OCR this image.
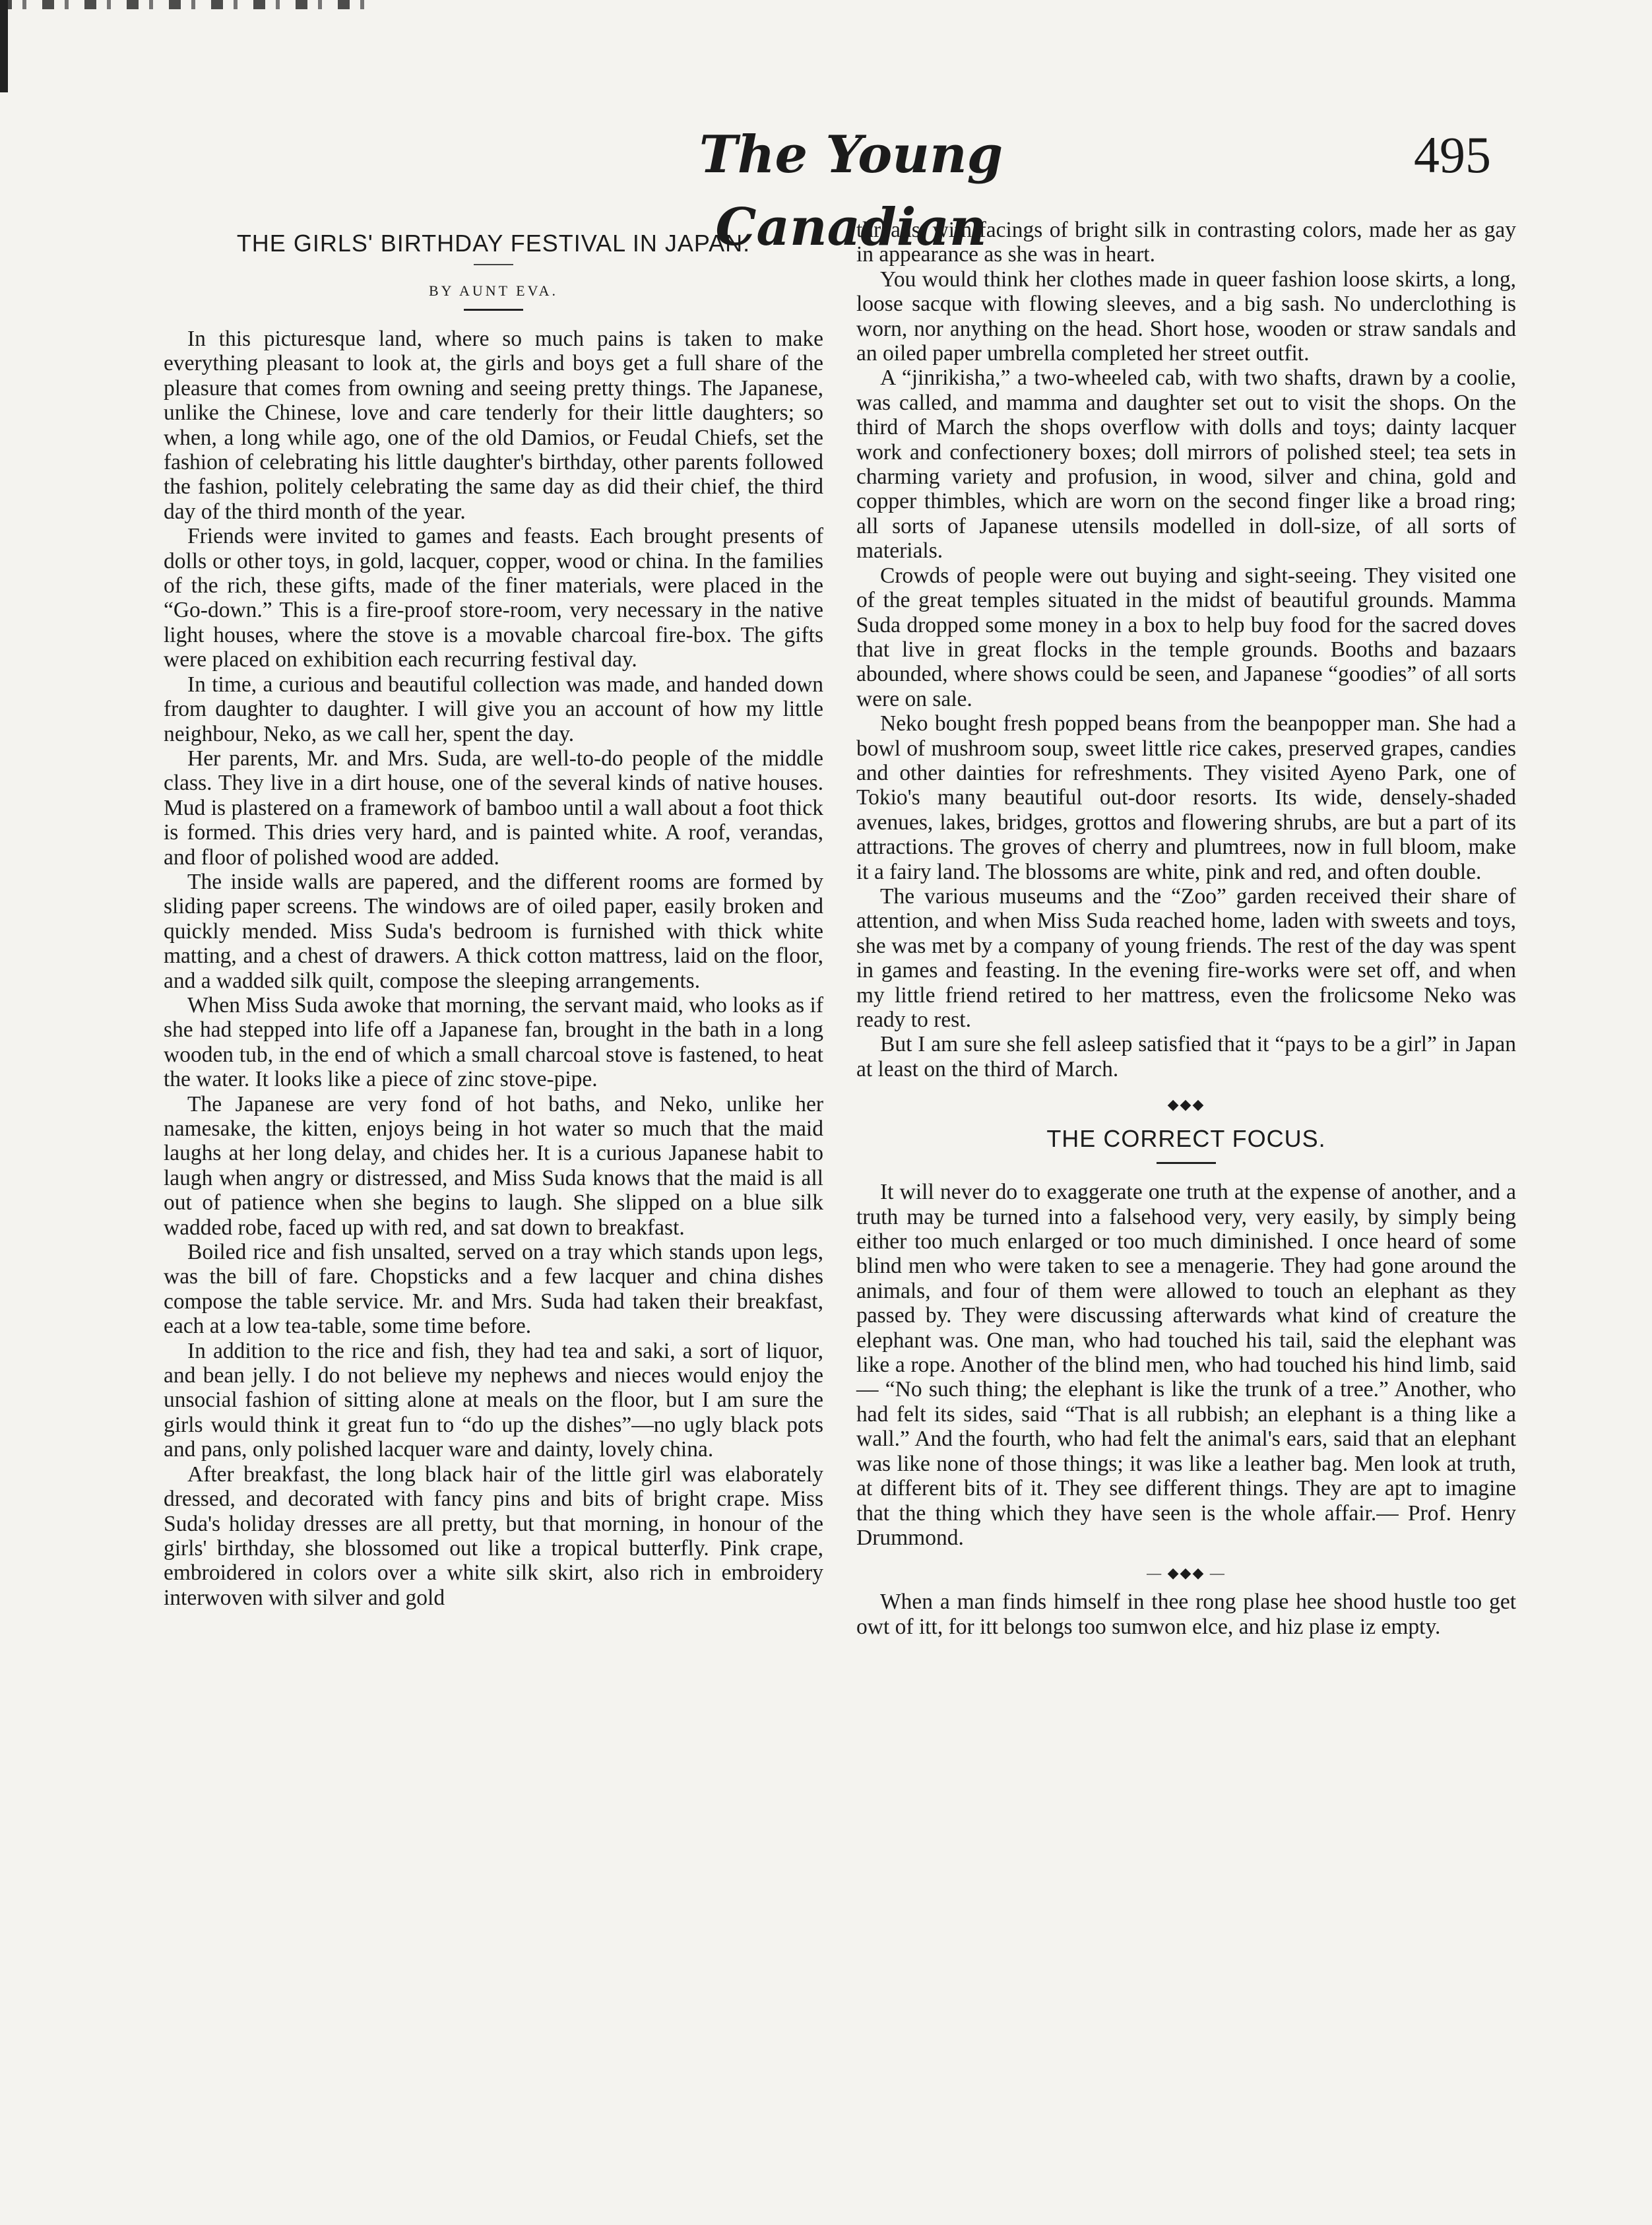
The Young Canadian
495
THE GIRLS' BIRTHDAY FESTIVAL IN JAPAN.
BY AUNT EVA.

In this picturesque land, where so much pains is taken to make everything pleasant to look at, the girls and boys get a full share of the pleasure that comes from owning and seeing pretty things. The Japanese, unlike the Chinese, love and care tenderly for their little daughters; so when, a long while ago, one of the old Damios, or Feudal Chiefs, set the fashion of celebrating his little daughter's birthday, other parents followed the fashion, politely celebrating the same day as did their chief, the third day of the third month of the year.

Friends were invited to games and feasts. Each brought presents of dolls or other toys, in gold, lacquer, copper, wood or china. In the families of the rich, these gifts, made of the finer materials, were placed in the “Go-down.” This is a fire-proof store-room, very necessary in the native light houses, where the stove is a movable charcoal fire-box. The gifts were placed on exhibition each recurring festival day.

In time, a curious and beautiful collection was made, and handed down from daughter to daughter. I will give you an account of how my little neighbour, Neko, as we call her, spent the day.

Her parents, Mr. and Mrs. Suda, are well-to-do people of the middle class. They live in a dirt house, one of the several kinds of native houses. Mud is plastered on a framework of bamboo until a wall about a foot thick is formed. This dries very hard, and is painted white. A roof, verandas, and floor of polished wood are added.

The inside walls are papered, and the different rooms are formed by sliding paper screens. The windows are of oiled paper, easily broken and quickly mended. Miss Suda's bedroom is furnished with thick white matting, and a chest of drawers. A thick cotton mattress, laid on the floor, and a wadded silk quilt, compose the sleeping arrangements.

When Miss Suda awoke that morning, the servant maid, who looks as if she had stepped into life off a Japanese fan, brought in the bath in a long wooden tub, in the end of which a small charcoal stove is fastened, to heat the water. It looks like a piece of zinc stove-pipe.

The Japanese are very fond of hot baths, and Neko, unlike her namesake, the kitten, enjoys being in hot water so much that the maid laughs at her long delay, and chides her. It is a curious Japanese habit to laugh when angry or distressed, and Miss Suda knows that the maid is all out of patience when she begins to laugh. She slipped on a blue silk wadded robe, faced up with red, and sat down to breakfast.

Boiled rice and fish unsalted, served on a tray which stands upon legs, was the bill of fare. Chopsticks and a few lacquer and china dishes compose the table service. Mr. and Mrs. Suda had taken their breakfast, each at a low tea-table, some time before.

In addition to the rice and fish, they had tea and saki, a sort of liquor, and bean jelly. I do not believe my nephews and nieces would enjoy the unsocial fashion of sitting alone at meals on the floor, but I am sure the girls would think it great fun to “do up the dishes”—no ugly black pots and pans, only polished lacquer ware and dainty, lovely china.

After breakfast, the long black hair of the little girl was elaborately dressed, and decorated with fancy pins and bits of bright crape. Miss Suda's holiday dresses are all pretty, but that morning, in honour of the girls' birthday, she blossomed out like a tropical butterfly. Pink crape, embroidered in colors over a white silk skirt, also rich in embroidery interwoven with silver and gold

threads, with facings of bright silk in contrasting colors, made her as gay in appearance as she was in heart.

You would think her clothes made in queer fashion loose skirts, a long, loose sacque with flowing sleeves, and a big sash. No underclothing is worn, nor anything on the head. Short hose, wooden or straw sandals and an oiled paper umbrella completed her street outfit.

A “jinrikisha,” a two-wheeled cab, with two shafts, drawn by a coolie, was called, and mamma and daughter set out to visit the shops. On the third of March the shops overflow with dolls and toys; dainty lacquer work and confectionery boxes; doll mirrors of polished steel; tea sets in charming variety and profusion, in wood, silver and china, gold and copper thimbles, which are worn on the second finger like a broad ring; all sorts of Japanese utensils modelled in doll-size, of all sorts of materials.

Crowds of people were out buying and sight-seeing. They visited one of the great temples situated in the midst of beautiful grounds. Mamma Suda dropped some money in a box to help buy food for the sacred doves that live in great flocks in the temple grounds. Booths and bazaars abounded, where shows could be seen, and Japanese “goodies” of all sorts were on sale.

Neko bought fresh popped beans from the beanpopper man. She had a bowl of mushroom soup, sweet little rice cakes, preserved grapes, candies and other dainties for refreshments. They visited Ayeno Park, one of Tokio's many beautiful out-door resorts. Its wide, densely-shaded avenues, lakes, bridges, grottos and flowering shrubs, are but a part of its attractions. The groves of cherry and plumtrees, now in full bloom, make it a fairy land. The blossoms are white, pink and red, and often double.

The various museums and the “Zoo” garden received their share of attention, and when Miss Suda reached home, laden with sweets and toys, she was met by a company of young friends. The rest of the day was spent in games and feasting. In the evening fire-works were set off, and when my little friend retired to her mattress, even the frolicsome Neko was ready to rest.

But I am sure she fell asleep satisfied that it “pays to be a girl” in Japan at least on the third of March.

◆◆◆
THE CORRECT FOCUS.

It will never do to exaggerate one truth at the expense of another, and a truth may be turned into a falsehood very, very easily, by simply being either too much enlarged or too much diminished. I once heard of some blind men who were taken to see a menagerie. They had gone around the animals, and four of them were allowed to touch an elephant as they passed by. They were discussing afterwards what kind of creature the elephant was. One man, who had touched his tail, said the elephant was like a rope. Another of the blind men, who had touched his hind limb, said— “No such thing; the elephant is like the trunk of a tree.” Another, who had felt its sides, said “That is all rubbish; an elephant is a thing like a wall.” And the fourth, who had felt the animal's ears, said that an elephant was like none of those things; it was like a leather bag. Men look at truth, at different bits of it. They see different things. They are apt to imagine that the thing which they have seen is the whole affair.— Prof. Henry Drummond.

— ◆◆◆ —

When a man finds himself in thee rong plase hee shood hustle too get owt of itt, for itt belongs too sumwon elce, and hiz plase iz empty.
